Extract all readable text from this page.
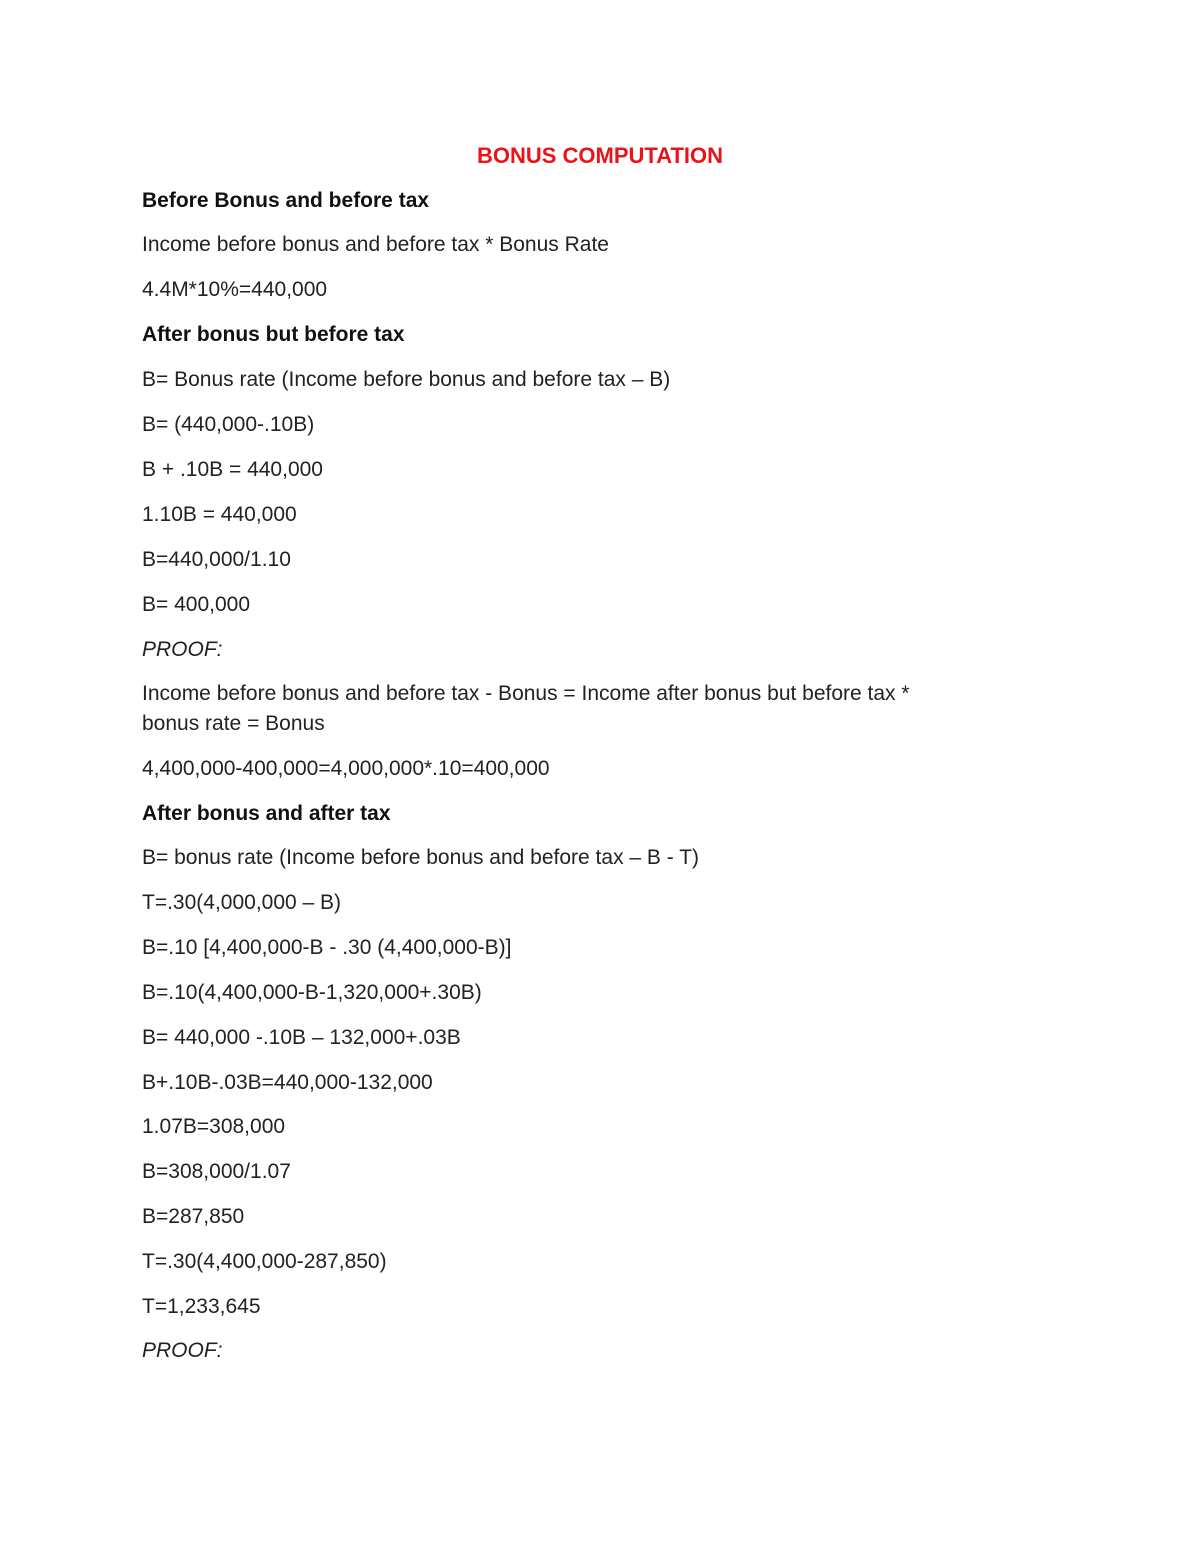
BONUS COMPUTATION

Before Bonus and before tax

Income before bonus and before tax * Bonus Rate

4.4M*10%=440,000

After bonus but before tax

B= Bonus rate (Income before bonus and before tax – B)

B= (440,000-.10B)

B + .10B = 440,000

1.10B = 440,000

B=440,000/1.10

B= 400,000

PROOF:

Income before bonus and before tax - Bonus = Income after bonus but before tax *

bonus rate = Bonus

4,400,000-400,000=4,000,000*.10=400,000

After bonus and after tax

B= bonus rate (Income before bonus and before tax – B - T)

T=.30(4,000,000 – B)

B=.10 [4,400,000-B - .30 (4,400,000-B)]

B=.10(4,400,000-B-1,320,000+.30B)

B= 440,000 -.10B – 132,000+.03B

B+.10B-.03B=440,000-132,000

1.07B=308,000

B=308,000/1.07

B=287,850

T=.30(4,400,000-287,850)

T=1,233,645

PROOF:
